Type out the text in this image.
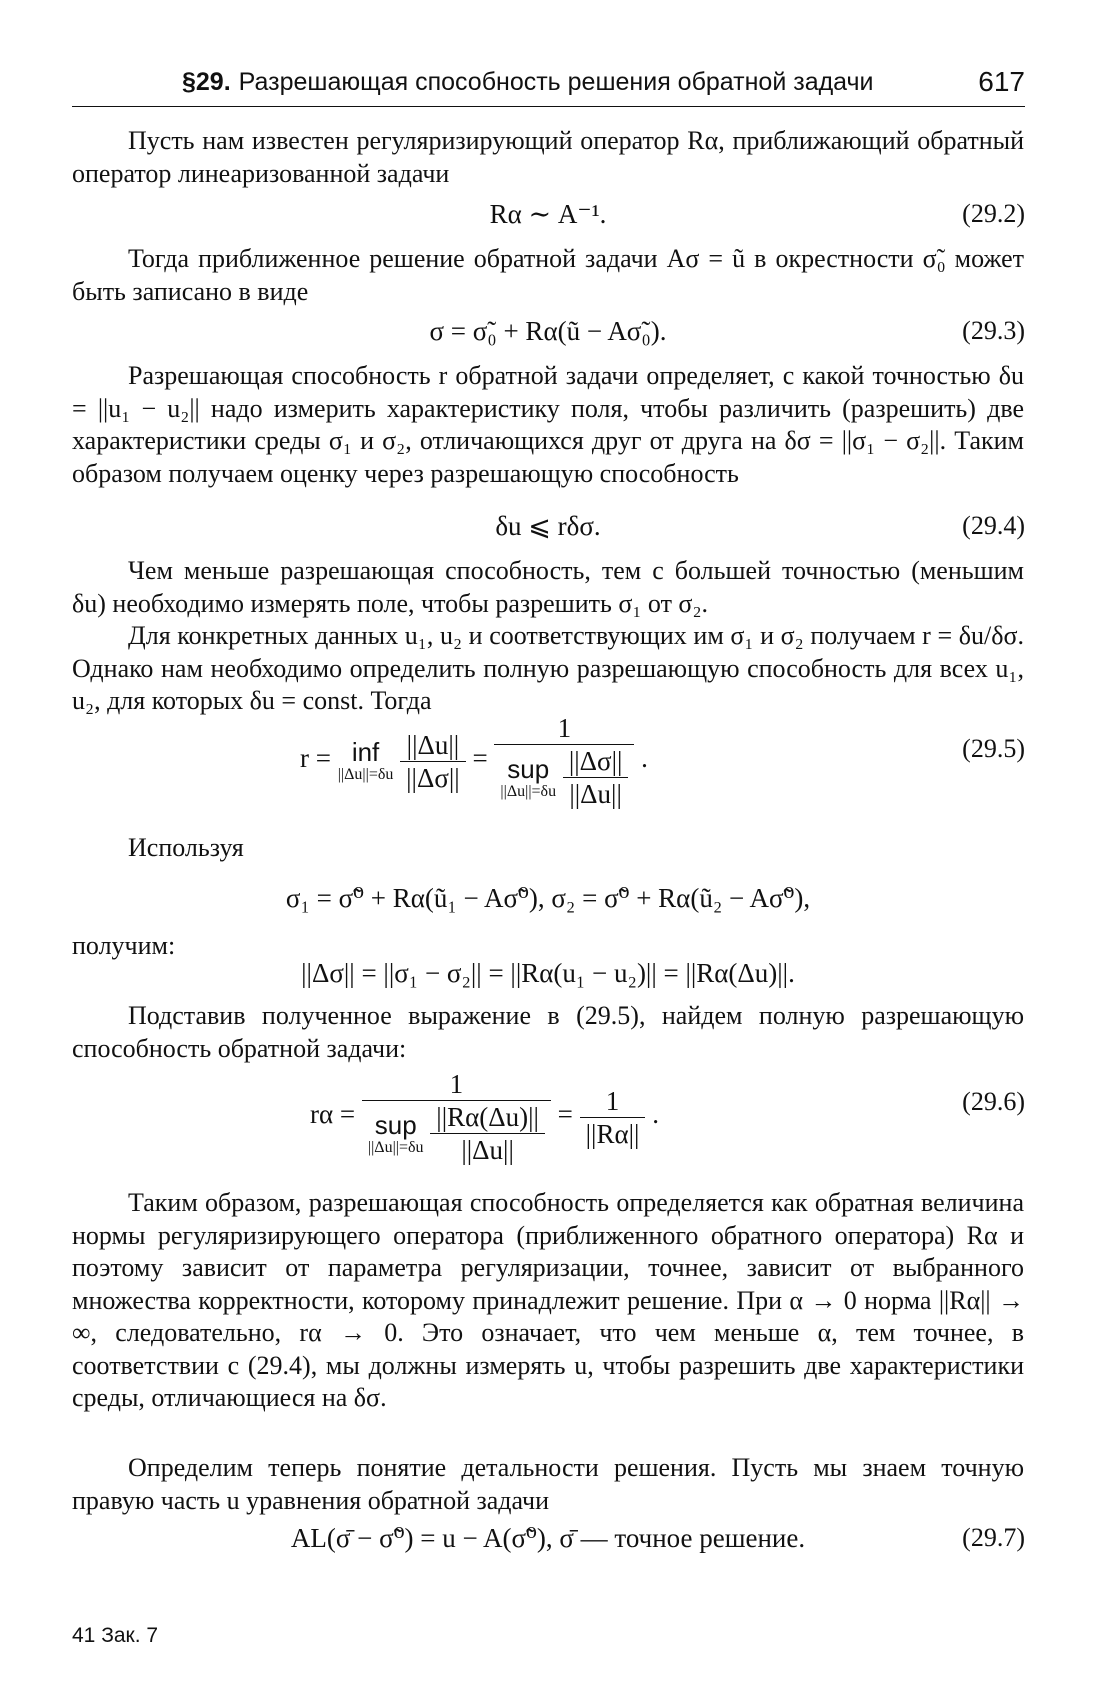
§29. Разрешающая способность решения обратной задачи	617
Пусть нам известен регуляризирующий оператор Rα, приближающий обратный оператор линеаризованной задачи
Rα ∼ A⁻¹.	(29.2)
Тогда приближенное решение обратной задачи Aσ = ũ в окрестности σ̃₀ может быть записано в виде
σ = σ̃₀ + Rα(ũ − Aσ̃₀).	(29.3)
Разрешающая способность r обратной задачи определяет, с какой точностью δu = ||u₁ − u₂|| надо измерить характеристику поля, чтобы различить (разрешить) две характеристики среды σ₁ и σ₂, отличающихся друг от друга на δσ = ||σ₁ − σ₂||. Таким образом получаем оценку через разрешающую способность
δu ⩽ rδσ.	(29.4)
Чем меньше разрешающая способность, тем с большей точностью (меньшим δu) необходимо измерять поле, чтобы разрешить σ₁ от σ₂.
Для конкретных данных u₁, u₂ и соответствующих им σ₁ и σ₂ получаем r = δu/δσ. Однако нам необходимо определить полную разрешающую способность для всех u₁, u₂, для которых δu = const. Тогда
r = inf
||Δu||=δu
$\frac{||\Delta u||}{||\Delta\sigma||}$ =
1
sup
||Δu||=δu
$\frac{||\Delta\sigma||}{||\Delta u||}$ .	(29.5)
Используя
σ₁ = σ̃⁰ + Rα(ũ₁ − Aσ̃⁰), σ₂ = σ̃⁰ + Rα(ũ₂ − Aσ̃⁰),
получим:
||Δσ|| = ||σ₁ − σ₂|| = ||Rα(u₁ − u₂)|| = ||Rα(Δu)||.
Подставив полученное выражение в (29.5), найдем полную разрешающую способность обратной задачи:
rα =
1
sup
||Δu||=δu
$\frac{||R\alpha(\Delta u)||}{||\Delta u||} = \frac{1}{||R\alpha||}$ .	(29.6)
Таким образом, разрешающая способность определяется как обратная величина нормы регуляризирующего оператора (приближенного обратного оператора) Rα и поэтому зависит от параметра регуляризации, точнее, зависит от выбранного множества корректности, которому принадлежит решение. При α → 0 норма ||Rα|| → ∞, следовательно, rα → 0. Это означает, что чем меньше α, тем точнее, в соответствии с (29.4), мы должны измерять u, чтобы разрешить две характеристики среды, отличающиеся на δσ.
Определим теперь понятие детальности решения. Пусть мы знаем точную правую часть u уравнения обратной задачи
AL(σ̄ − σ̃⁰) = u − A(σ̃⁰), σ̄ — точное решение.	(29.7)
41 Зак. 7
